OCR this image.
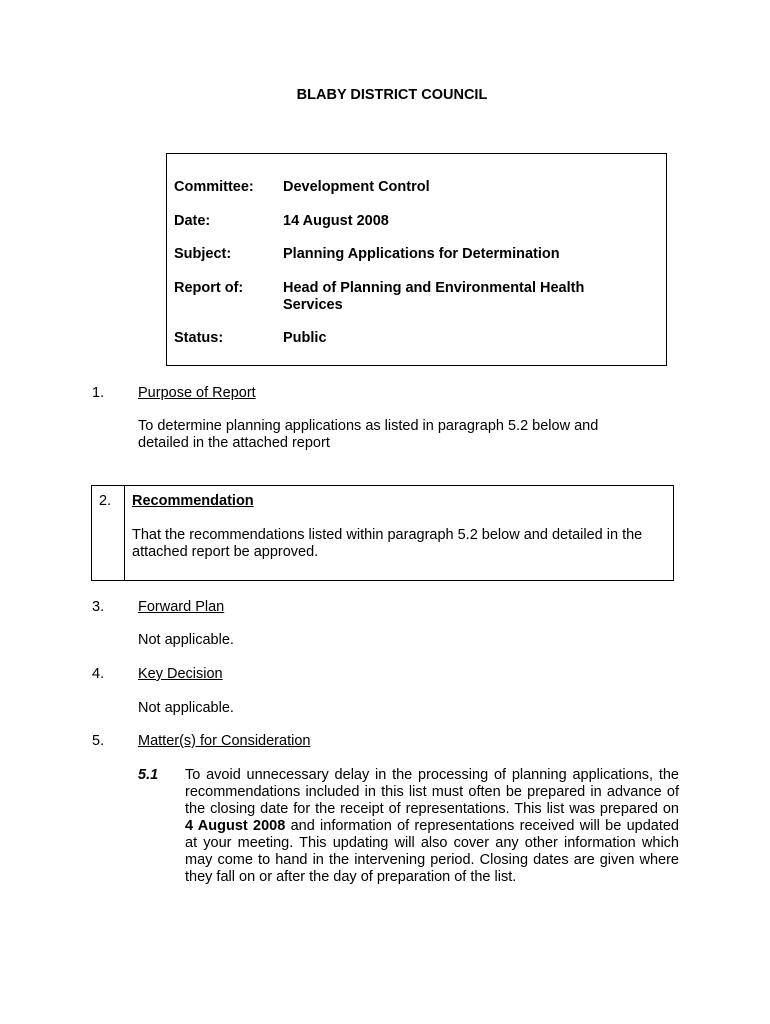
BLABY DISTRICT COUNCIL
Committee: Development Control
Date:	14 August 2008
Subject:	Planning Applications for Determination
Report of:	Head of Planning and Environmental Health Services
Status:	Public
1. Purpose of Report
To determine planning applications as listed in paragraph 5.2 below and detailed in the attached report
2. Recommendation
That the recommendations listed within paragraph 5.2 below and detailed in the attached report be approved.
3. Forward Plan
Not applicable.
4. Key Decision
Not applicable.
5. Matter(s) for Consideration
5.1 To avoid unnecessary delay in the processing of planning applications, the recommendations included in this list must often be prepared in advance of the closing date for the receipt of representations. This list was prepared on 4 August 2008 and information of representations received will be updated at your meeting. This updating will also cover any other information which may come to hand in the intervening period. Closing dates are given where they fall on or after the day of preparation of the list.
